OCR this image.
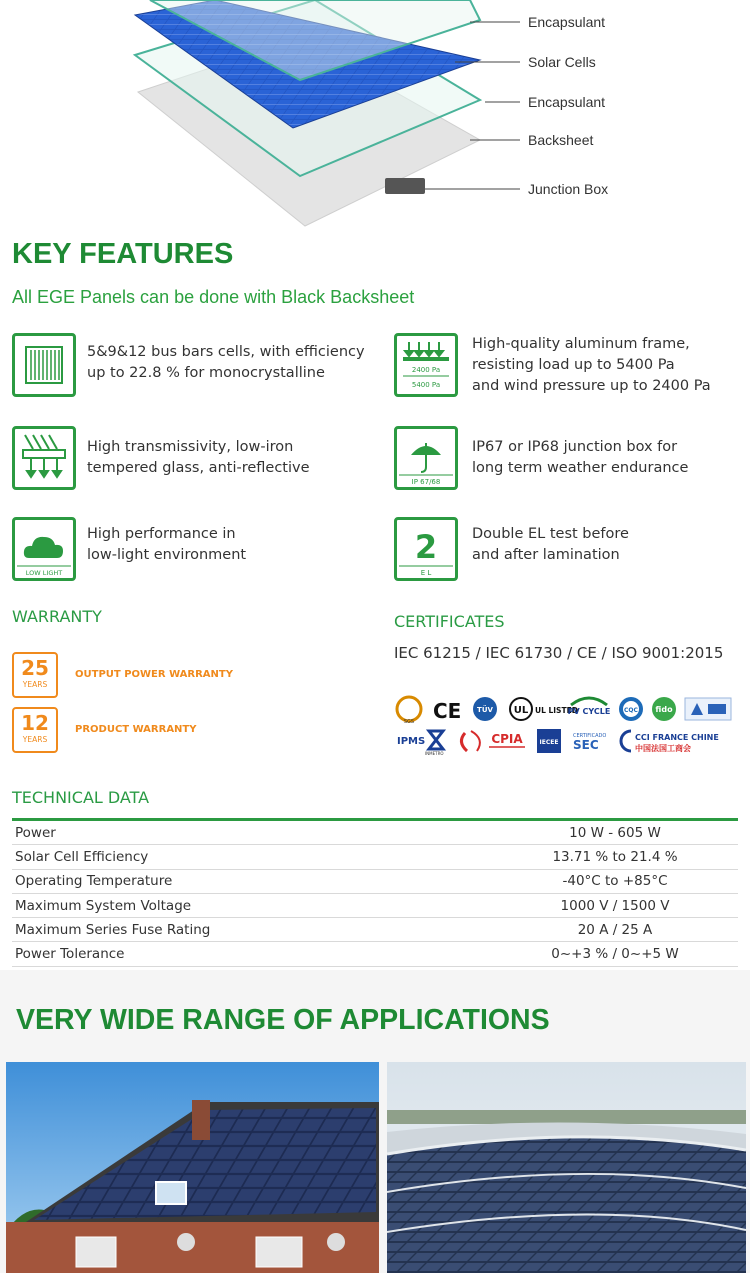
Encapsulant
Solar Cells
Encapsulant
Backsheet
Junction Box
KEY FEATURES

All EGE Panels can be done with Black Backsheet

5&9&12 bus bars cells, with efficiency
up to 22.8 % for monocrystalline	2400 Pa
5400 Pa
High-quality aluminum frame,
resisting load up to 5400 Pa
and wind pressure up to 2400 Pa
High transmissivity, low-iron
tempered glass, anti-reflective
IP 67/68
IP67 or IP68 junction box for
long term weather endurance
LOW LIGHT
High performance in
low-light environment	2
E L
Double EL test before
and after lamination
WARRANTY
25
YEARS
OUTPUT POWER WARRANTY
12
YEARS
PRODUCT WARRANTY
CERTIFICATES
IEC 61215 / IEC 61730 / CE / ISO 9001:2015
SGS CE TÜV UL UL LISTED
PV CYCLE CQC fido
IPMS
INMETRO
CPIA	IECEE
CERTIFICADO
SEC
CCI FRANCE CHINE
中国法国工商会
TECHNICAL DATA
Power	10 W - 605 W
Solar Cell Efficiency	13.71 % to 21.4 %
Operating Temperature	-40°C to +85°C
Maximum System Voltage	1000 V / 1500 V
Maximum Series Fuse Rating	20 A / 25 A
Power Tolerance	0~+3 % / 0~+5 W
VERY WIDE RANGE OF APPLICATIONS
